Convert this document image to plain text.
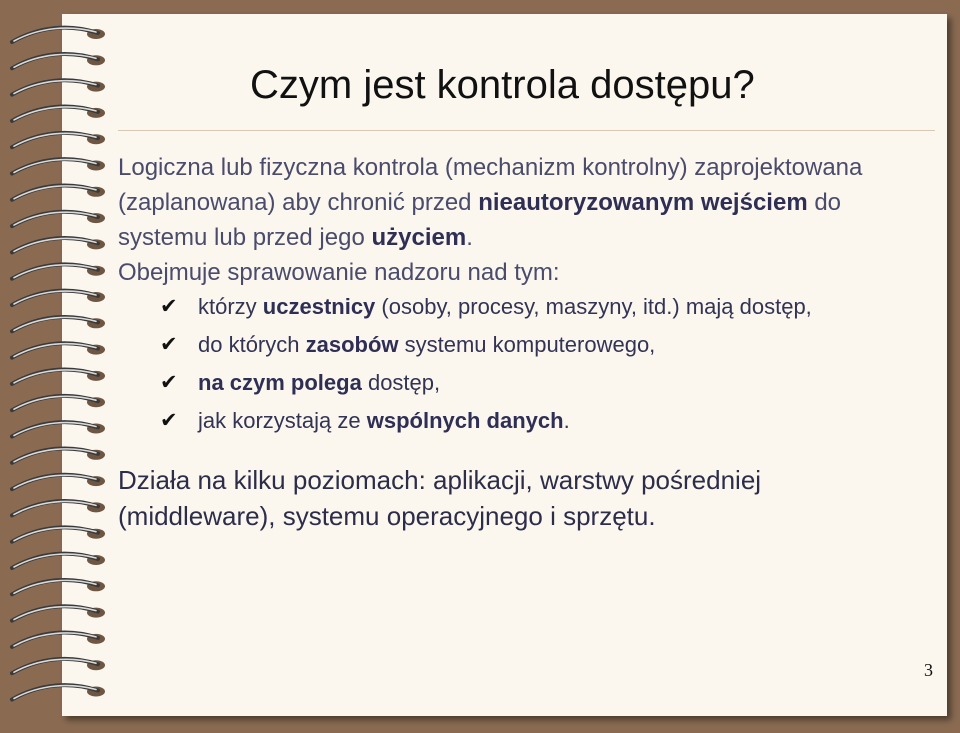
Czym jest kontrola dostępu?

Logiczna lub fizyczna kontrola (mechanizm kontrolny) zaprojektowana (zaplanowana) aby chronić przed nieautoryzowanym wejściem do systemu lub przed jego użyciem.

Obejmuje sprawowanie nadzoru nad tym:

✔ którzy uczestnicy (osoby, procesy, maszyny, itd.) mają dostęp,
✔ do których zasobów systemu komputerowego,
✔ na czym polega dostęp,
✔ jak korzystają ze wspólnych danych.

Działa na kilku poziomach: aplikacji, warstwy pośredniej (middleware), systemu operacyjnego i sprzętu.

3
